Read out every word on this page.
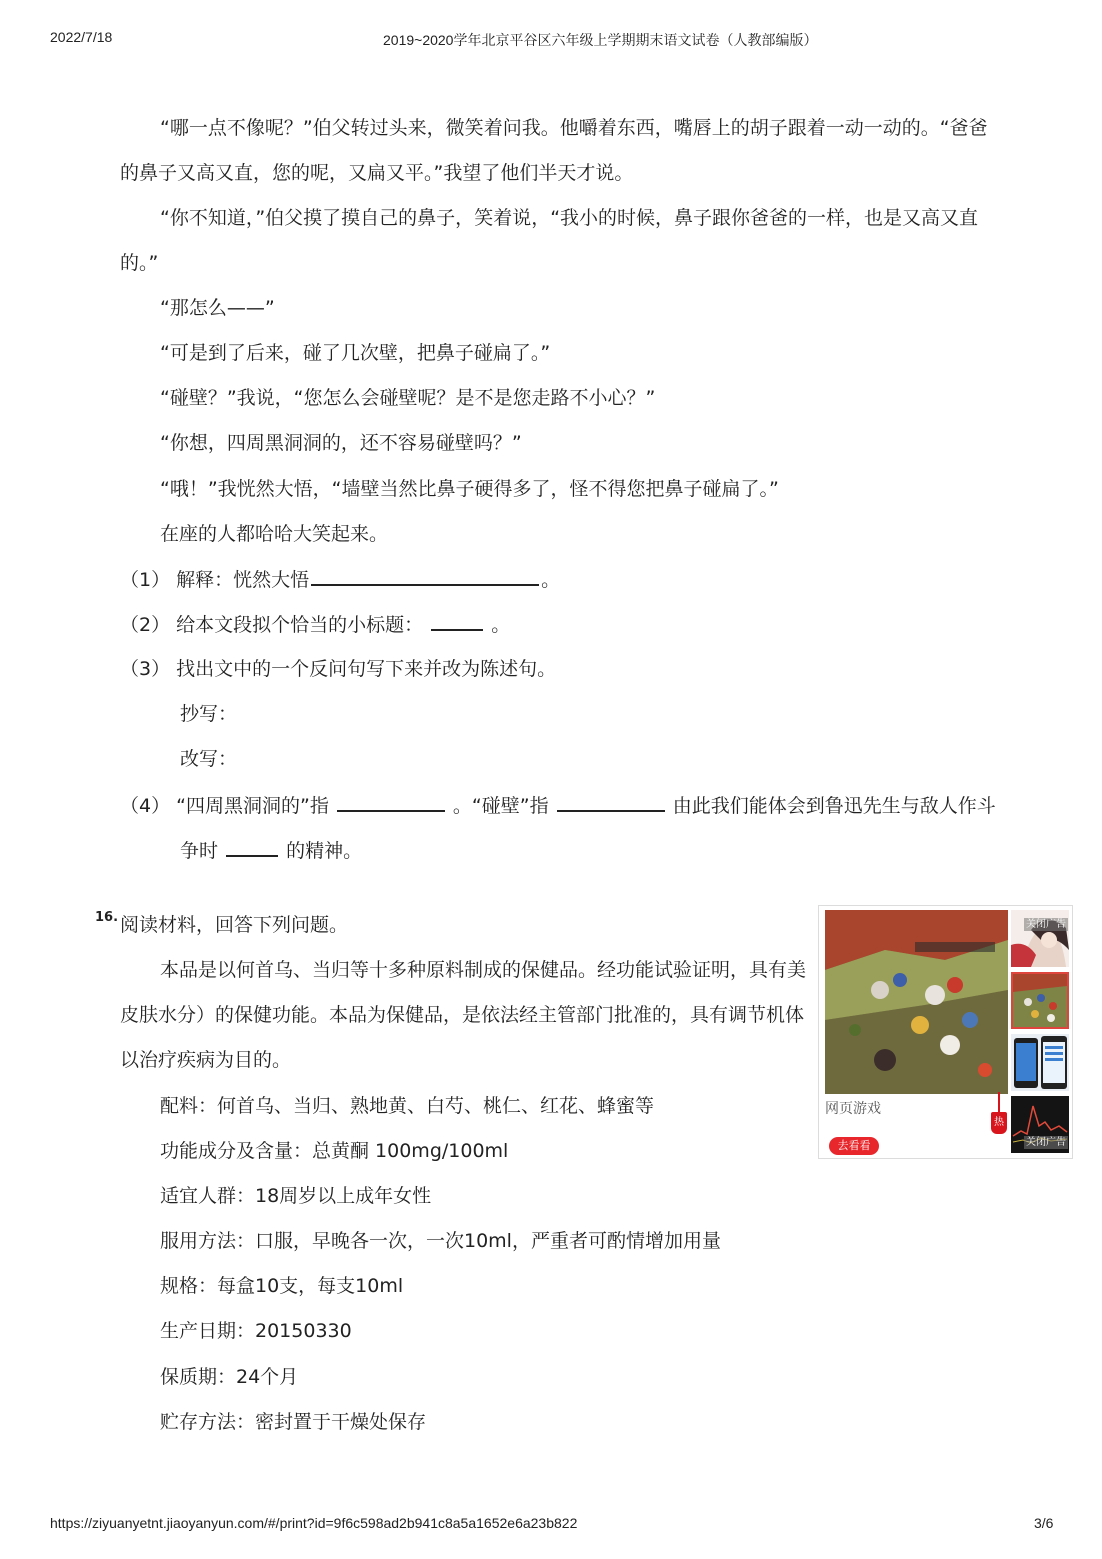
2022/7/18	2019~2020学年北京平谷区六年级上学期期末语文试卷（人教部编版）
“哪一点不像呢？”伯父转过头来，微笑着问我。他嚼着东西，嘴唇上的胡子跟着一动一动的。“爸爸
的鼻子又高又直，您的呢，又扁又平。”我望了他们半天才说。
“你不知道，”伯父摸了摸自己的鼻子，笑着说，“我小的时候，鼻子跟你爸爸的一样，也是又高又直
的。”
“那怎么——”
“可是到了后来，碰了几次壁，把鼻子碰扁了。”
“碰壁？”我说，“您怎么会碰壁呢？是不是您走路不小心？”
“你想，四周黑洞洞的，还不容易碰壁吗？”
“哦！”我恍然大悟，“墙壁当然比鼻子硬得多了，怪不得您把鼻子碰扁了。”
在座的人都哈哈大笑起来。
（1） 解释：恍然大悟	。
（2） 给本文段拟个恰当的小标题：	。
（3） 找出文中的一个反问句写下来并改为陈述句。
抄写：
改写：
（4） “四周黑洞洞的”指	。“碰壁”指	由此我们能体会到鲁迅先生与敌人作斗
争时	的精神。
16. 阅读材料，回答下列问题。
本品是以何首乌、当归等十多种原料制成的保健品。经功能试验证明，具有美
皮肤水分）的保健功能。本品为保健品，是依法经主管部门批准的，具有调节机体
以治疗疾病为目的。
配料：何首乌、当归、熟地黄、白芍、桃仁、红花、蜂蜜等
功能成分及含量：总黄酮 100mg/100ml
适宜人群：18周岁以上成年女性
服用方法：口服，早晚各一次，一次10ml，严重者可酌情增加用量
规格：每盒10支，每支10ml
生产日期：20150330
保质期：24个月
贮存方法：密封置于干燥处保存
网页游戏
热
去看看
关闭广告
关闭广告
https://ziyuanyetnt.jiaoyanyun.com/#/print?id=9f6c598ad2b941c8a5a1652e6a23b822	3/6
